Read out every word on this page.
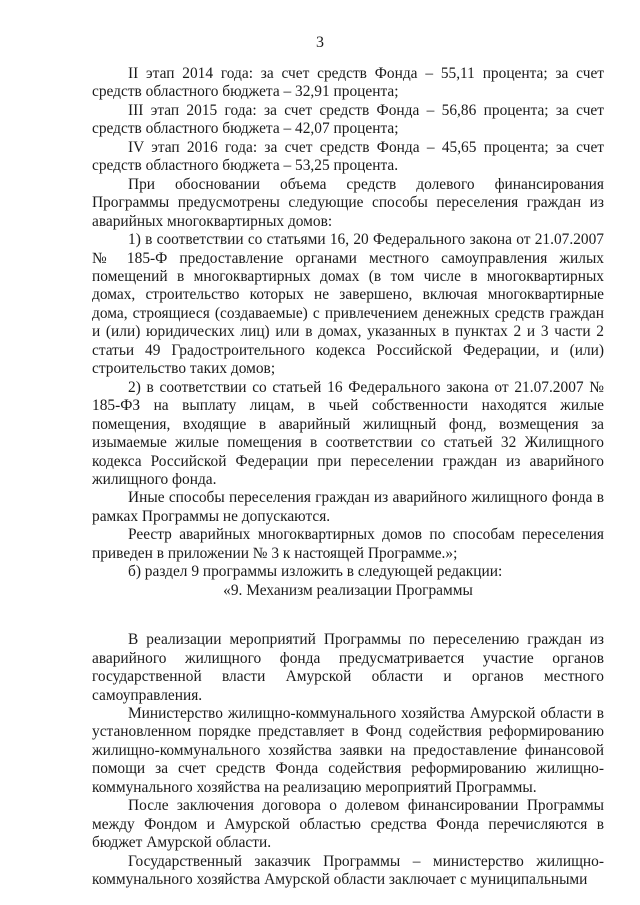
3

II этап 2014 года: за счет средств Фонда – 55,11 процента; за счет средств областного бюджета – 32,91 процента;

III этап 2015 года: за счет средств Фонда – 56,86 процента; за счет средств областного бюджета – 42,07 процента;

IV этап 2016 года: за счет средств Фонда – 45,65 процента; за счет средств областного бюджета – 53,25 процента.

При обосновании объема средств долевого финансирования Программы предусмотрены следующие способы переселения граждан из аварийных многоквартирных домов:

1) в соответствии со статьями 16, 20 Федерального закона от 21.07.2007 № 185-Ф предоставление органами местного самоуправления жилых помещений в многоквартирных домах (в том числе в многоквартирных домах, строительство которых не завершено, включая многоквартирные дома, строящиеся (создаваемые) с привлечением денежных средств граждан и (или) юридических лиц) или в домах, указанных в пунктах 2 и 3 части 2 статьи 49 Градостроительного кодекса Российской Федерации, и (или) строительство таких домов;

2) в соответствии со статьей 16 Федерального закона от 21.07.2007 № 185-ФЗ на выплату лицам, в чьей собственности находятся жилые помещения, входящие в аварийный жилищный фонд, возмещения за изымаемые жилые помещения в соответствии со статьей 32 Жилищного кодекса Российской Федерации при переселении граждан из аварийного жилищного фонда.

Иные способы переселения граждан из аварийного жилищного фонда в рамках Программы не допускаются.

Реестр аварийных многоквартирных домов по способам переселения приведен в приложении № 3 к настоящей Программе.»;

б) раздел 9 программы изложить в следующей редакции:

«9. Механизм реализации Программы

В реализации мероприятий Программы по переселению граждан из аварийного жилищного фонда предусматривается участие органов государственной власти Амурской области и органов местного самоуправления.

Министерство жилищно-коммунального хозяйства Амурской области в установленном порядке представляет в Фонд содействия реформированию жилищно-коммунального хозяйства заявки на предоставление финансовой помощи за счет средств Фонда содействия реформированию жилищно-коммунального хозяйства на реализацию мероприятий Программы.

После заключения договора о долевом финансировании Программы между Фондом и Амурской областью средства Фонда перечисляются в бюджет Амурской области.

Государственный заказчик Программы – министерство жилищно-коммунального хозяйства Амурской области заключает с муниципальными
